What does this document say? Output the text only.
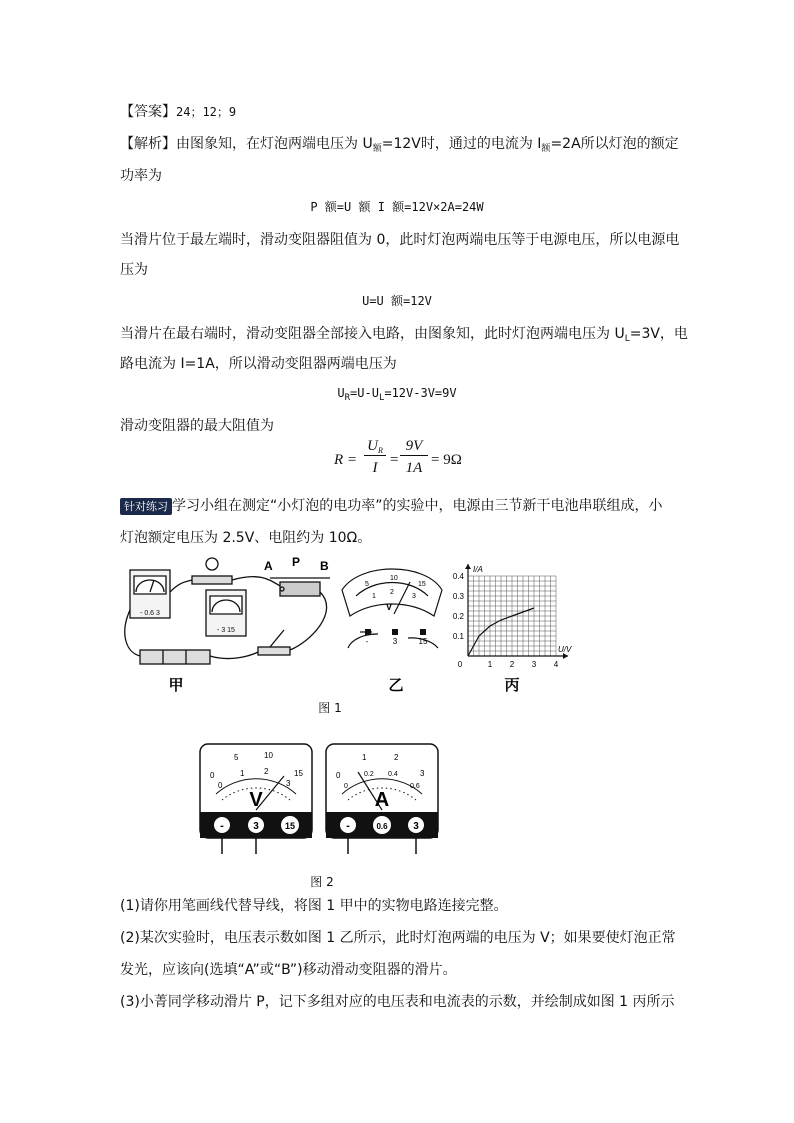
【答案】24；12；9
【解析】由图象知，在灯泡两端电压为 $U_额=12V$时，通过的电流为 $I_额=2A$所以灯泡的额定
功率为
P 额=U 额 I 额=12V×2A=24W
当滑片位于最左端时，滑动变阻器阻值为 0，此时灯泡两端电压等于电源电压，所以电源电
压为
U=U 额=12V
当滑片在最右端时，滑动变阻器全部接入电路，由图象知，此时灯泡两端电压为 $U_L=3V$，电
路电流为 I=1A，所以滑动变阻器两端电压为
$U_R=U-U_L=12V-3V=9V$
滑动变阻器的最大阻值为
R =
$U_R$
I =
9V
1A = 9Ω
针对练习 学习小组在测定“小灯泡的电功率”的实验中，电源由三节新干电池串联组成，小
灯泡额定电压为 2.5V、电阻约为 10Ω。
- 0.6 3
- 3 15
A P B
5
10
15
1
2
3
V
-	3	15
0.4
0.3
0.2
0.1
0	1 2 3 4
I/A
U/V
甲	乙	丙
图 1
0
5	10
15
0
1 2
3
V
-	3	15
0
1	2
3
0
0.2 0.4
0.6
A
-	0.6	3
图 2
(1)请你用笔画线代替导线，将图 1 甲中的实物电路连接完整。
(2)某次实验时，电压表示数如图 1 乙所示，此时灯泡两端的电压为 V；如果要使灯泡正常
发光，应该向(选填“A”或“B”)移动滑动变阻器的滑片。
(3)小菁同学移动滑片 P，记下多组对应的电压表和电流表的示数，并绘制成如图 1 丙所示
